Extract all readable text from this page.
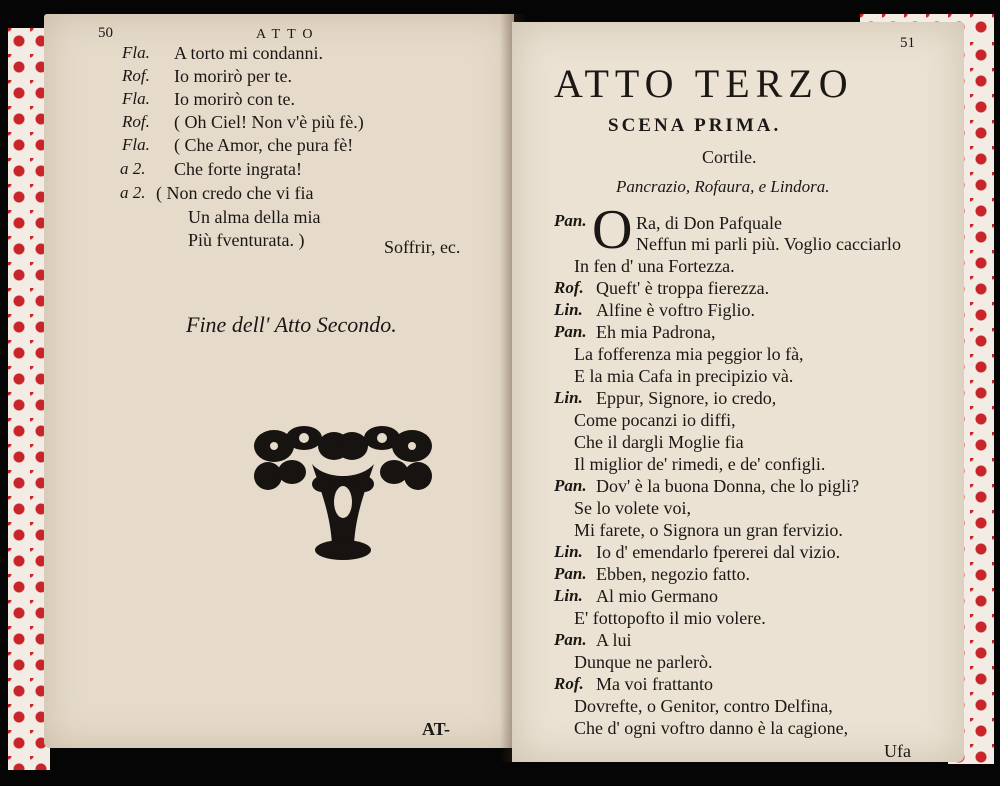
50	ATTO
Fla. A torto mi condanni.
Rof. Io morirò per te.
Fla. Io morirò con te.
Rof. ( Oh Ciel! Non v'è più fè.)
Fla. ( Che Amor, che pura fè!
a 2. Che forte ingrata!
a 2. ( Non credo che vi fia
Un alma della mia
Più fventurata. )	Soffrir, ec.
Fine dell' Atto Secondo.
AT-
51
ATTO TERZO
SCENA PRIMA.
Cortile.
Pancrazio, Rofaura, e Lindora.
Pan. O Ra, di Don Pafquale
Neffun mi parli più. Voglio cacciarlo
In fen d' una Fortezza.
Rof. Queft' è troppa fierezza.
Lin. Alfine è voftro Figlio.
Pan. Eh mia Padrona,
La fofferenza mia peggior lo fà,
E la mia Cafa in precipizio và.
Lin. Eppur, Signore, io credo,
Come pocanzi io diffi,
Che il dargli Moglie fia
Il miglior de' rimedi, e de' configli.
Pan. Dov' è la buona Donna, che lo pigli?
Se lo volete voi,
Mi farete, o Signora un gran fervizio.
Lin. Io d' emendarlo fpererei dal vizio.
Pan. Ebben, negozio fatto.
Lin. Al mio Germano
E' fottopofto il mio volere.
Pan. A lui
Dunque ne parlerò.
Rof. Ma voi frattanto
Dovrefte, o Genitor, contro Delfina,
Che d' ogni voftro danno è la cagione,
Ufa
